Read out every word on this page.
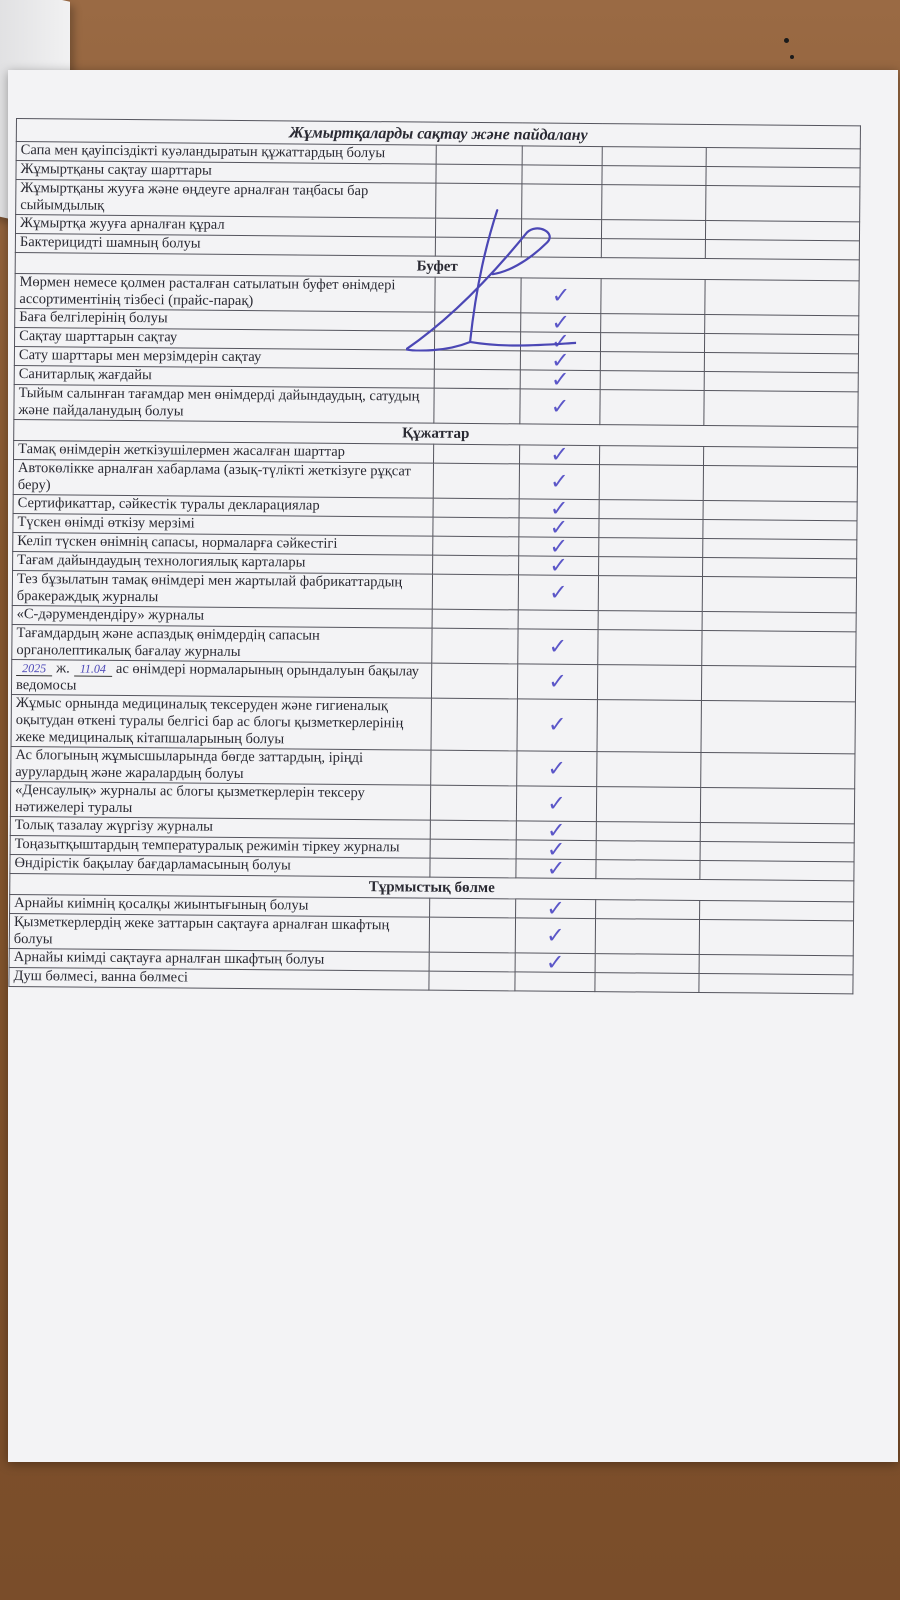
Жұмыртқаларды сақтау және пайдалану				
Сапа мен қауіпсіздікті куәландыратын құжаттардың болуы				
Жұмыртқаны сақтау шарттары				
Жұмыртқаны жууға және өңдеуге арналған таңбасы бар сыйымдылық				
Жұмыртқа жууға арналған құрал				
Бактерицидті шамның болуы				
Буфет				
Мөрмен немесе қолмен расталған сатылатын буфет өнімдері ассортиментінің тізбесі (прайс-парақ)		✓		
Баға белгілерінің болуы		✓		
Сақтау шарттарын сақтау		✓		
Сату шарттары мен мерзімдерін сақтау		✓		
Санитарлық жағдайы		✓		
Тыйым салынған тағамдар мен өнімдерді дайындаудың, сатудың және пайдаланудың болуы		✓		
Құжаттар				
Тамақ өнімдерін жеткізушілермен жасалған шарттар		✓		
Автокөлікке арналған хабарлама (азық-түлікті жеткізуге рұқсат беру)		✓		
Сертификаттар, сәйкестік туралы декларациялар		✓		
Түскен өнімді өткізу мерзімі		✓		
Келіп түскен өнімнің сапасы, нормаларға сәйкестігі		✓		
Тағам дайындаудың технологиялық карталары		✓		
Тез бұзылатын тамақ өнімдері мен жартылай фабрикаттардың бракераждық журналы		✓		
«С-дәрумендендіру» журналы				
Тағамдардың және аспаздық өнімдердің сапасын органолептикалық бағалау журналы		✓		
2025 ж. 11.04 ас өнімдері нормаларының орындалуын бақылау ведомосы		✓		
Жұмыс орнында медициналық тексеруден және гигиеналық оқытудан өткені туралы белгісі бар ас блогы қызметкерлерінің жеке медициналық кітапшаларының болуы		✓		
Ас блогының жұмысшыларында бөгде заттардың, іріңді аурулардың және жаралардың болуы		✓		
«Денсаулық» журналы ас блогы қызметкерлерін тексеру нәтижелері туралы		✓		
Толық тазалау жүргізу журналы		✓		
Тоңазытқыштардың температуралық режимін тіркеу журналы		✓		
Өндірістік бақылау бағдарламасының болуы		✓		
Тұрмыстық бөлме				
Арнайы киімнің қосалқы жиынтығының болуы		✓		
Қызметкерлердің жеке заттарын сақтауға арналған шкафтың болуы		✓		
Арнайы киімді сақтауға арналған шкафтың болуы		✓		
Душ бөлмесі, ванна бөлмесі				
